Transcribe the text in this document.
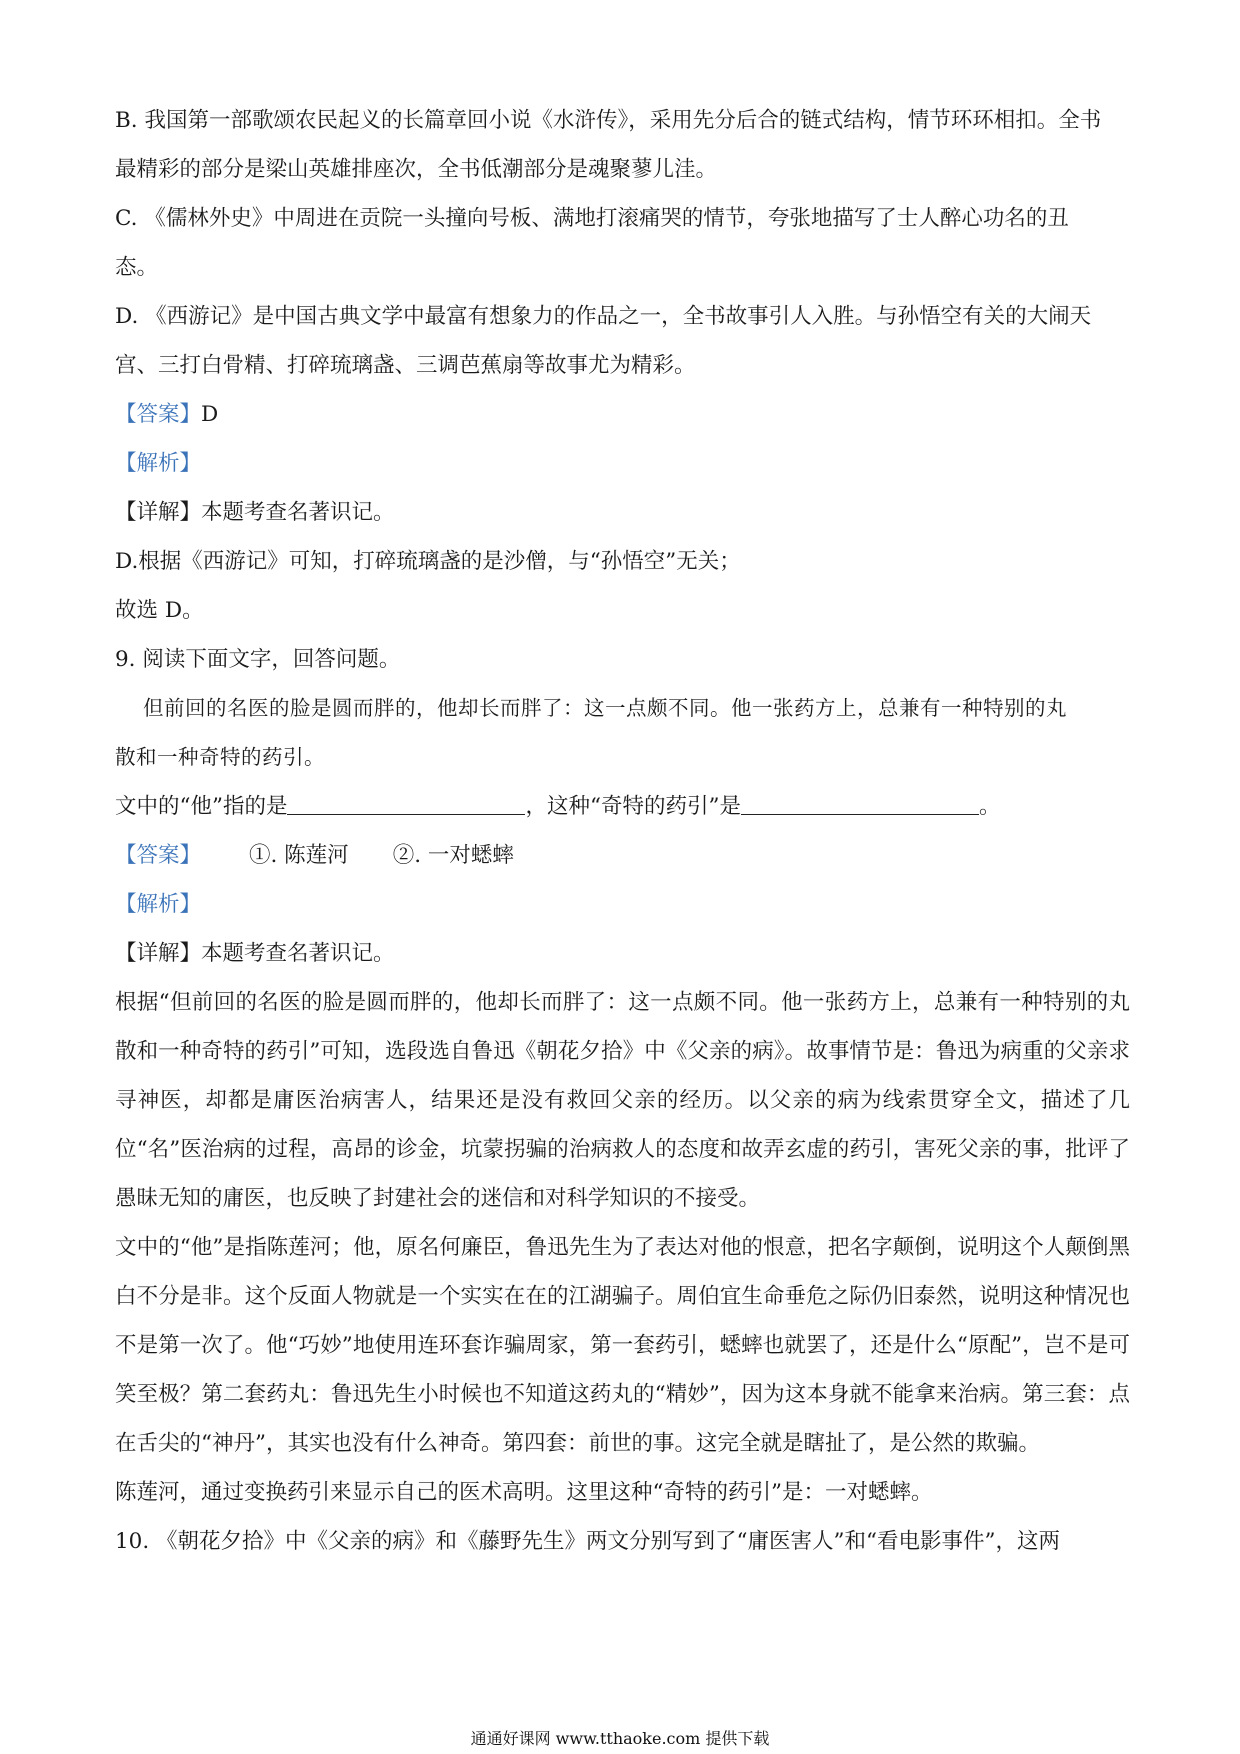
B. 我国第一部歌颂农民起义的长篇章回小说《水浒传》，采用先分后合的链式结构，情节环环相扣。全书

最精彩的部分是梁山英雄排座次，全书低潮部分是魂聚蓼儿洼。

C. 《儒林外史》中周进在贡院一头撞向号板、满地打滚痛哭的情节，夸张地描写了士人醉心功名的丑

态。

D. 《西游记》是中国古典文学中最富有想象力的作品之一，全书故事引人入胜。与孙悟空有关的大闹天

宫、三打白骨精、打碎琉璃盏、三调芭蕉扇等故事尤为精彩。

【答案】D

【解析】

【详解】本题考查名著识记。

D.根据《西游记》可知，打碎琉璃盏的是沙僧，与“孙悟空”无关；

故选 D。

9. 阅读下面文字，回答问题。

但前回的名医的脸是圆而胖的，他却长而胖了：这一点颇不同。他一张药方上，总兼有一种特别的丸

散和一种奇特的药引。

文中的“他”指的是	，这种“奇特的药引”是	。

【答案】 ①. 陈莲河 ②. 一对蟋蟀

【解析】

【详解】本题考查名著识记。

根据“但前回的名医的脸是圆而胖的，他却长而胖了：这一点颇不同。他一张药方上，总兼有一种特别的丸散和一种奇特的药引”可知，选段选自鲁迅《朝花夕拾》中《父亲的病》。故事情节是：鲁迅为病重的父亲求寻神医，却都是庸医治病害人，结果还是没有救回父亲的经历。以父亲的病为线索贯穿全文，描述了几位“名”医治病的过程，高昂的诊金，坑蒙拐骗的治病救人的态度和故弄玄虚的药引，害死父亲的事，批评了愚昧无知的庸医，也反映了封建社会的迷信和对科学知识的不接受。

文中的“他”是指陈莲河；他，原名何廉臣，鲁迅先生为了表达对他的恨意，把名字颠倒，说明这个人颠倒黑白不分是非。这个反面人物就是一个实实在在的江湖骗子。周伯宜生命垂危之际仍旧泰然，说明这种情况也不是第一次了。他“巧妙”地使用连环套诈骗周家，第一套药引，蟋蟀也就罢了，还是什么“原配”，岂不是可笑至极？第二套药丸：鲁迅先生小时候也不知道这药丸的“精妙”，因为这本身就不能拿来治病。第三套：点在舌尖的“神丹”，其实也没有什么神奇。第四套：前世的事。这完全就是瞎扯了，是公然的欺骗。

陈莲河，通过变换药引来显示自己的医术高明。这里这种“奇特的药引”是：一对蟋蟀。

10. 《朝花夕拾》中《父亲的病》和《藤野先生》两文分别写到了“庸医害人”和“看电影事件”，这两

通通好课网 www.tthaoke.com 提供下载
